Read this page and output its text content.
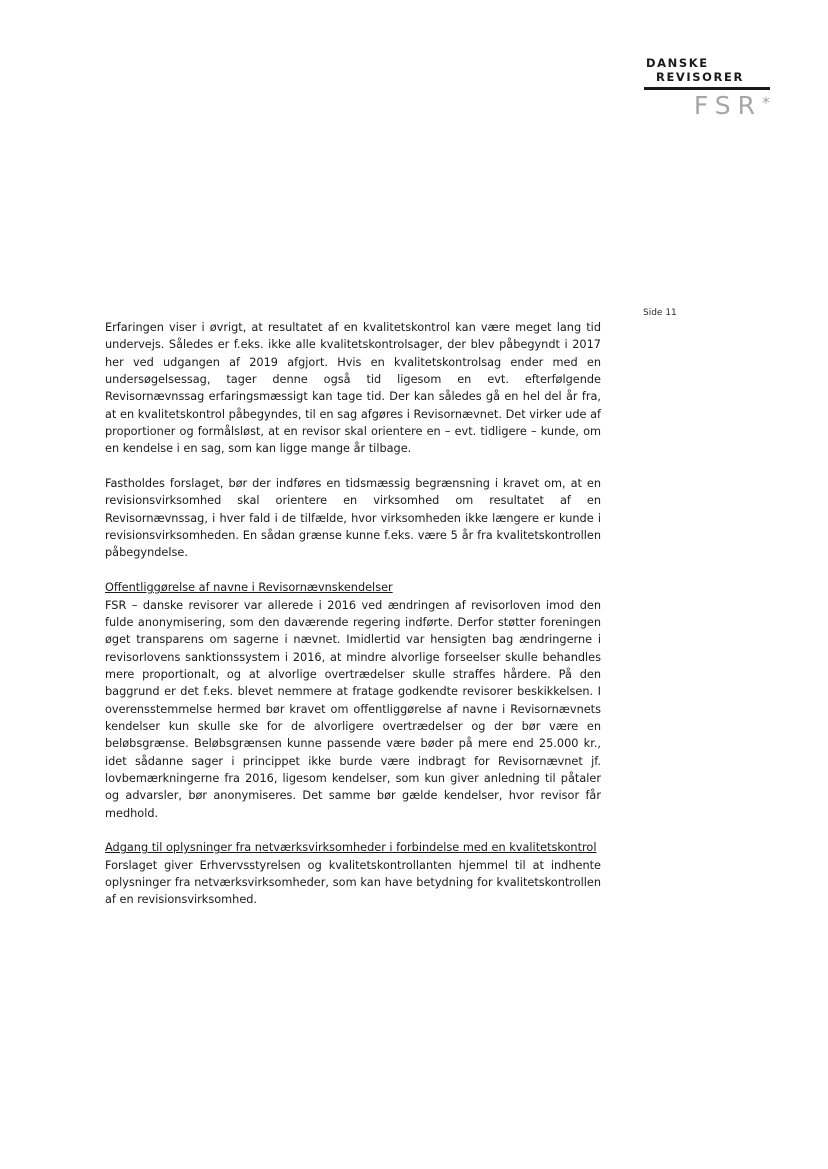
DANSKE
REVISORER
FSR*
Side 11

Erfaringen viser i øvrigt, at resultatet af en kvalitetskontrol kan være meget lang tid undervejs. Således er f.eks. ikke alle kvalitetskontrolsager, der blev påbegyndt i 2017 her ved udgangen af 2019 afgjort. Hvis en kvalitetskontrolsag ender med en undersøgelsessag, tager denne også tid ligesom en evt. efterfølgende Revisornævnssag erfaringsmæssigt kan tage tid. Der kan således gå en hel del år fra, at en kvalitetskontrol påbegyndes, til en sag afgøres i Revisornævnet. Det virker ude af proportioner og formålsløst, at en revisor skal orientere en – evt. tidligere – kunde, om en kendelse i en sag, som kan ligge mange år tilbage.

Fastholdes forslaget, bør der indføres en tidsmæssig begrænsning i kravet om, at en revisionsvirksomhed skal orientere en virksomhed om resultatet af en Revisornævnssag, i hver fald i de tilfælde, hvor virksomheden ikke længere er kunde i revisionsvirksomheden. En sådan grænse kunne f.eks. være 5 år fra kvalitetskontrollen påbegyndelse.

Offentliggørelse af navne i Revisornævnskendelser

FSR – danske revisorer var allerede i 2016 ved ændringen af revisorloven imod den fulde anonymisering, som den daværende regering indførte. Derfor støtter foreningen øget transparens om sagerne i nævnet. Imidlertid var hensigten bag ændringerne i revisorlovens sanktionssystem i 2016, at mindre alvorlige forseelser skulle behandles mere proportionalt, og at alvorlige overtrædelser skulle straffes hårdere. På den baggrund er det f.eks. blevet nemmere at fratage godkendte revisorer beskikkelsen. I overensstemmelse hermed bør kravet om offentliggørelse af navne i Revisornævnets kendelser kun skulle ske for de alvorligere overtrædelser og der bør være en beløbsgrænse. Beløbsgrænsen kunne passende være bøder på mere end 25.000 kr., idet sådanne sager i princippet ikke burde være indbragt for Revisornævnet jf. lovbemærkningerne fra 2016, ligesom kendelser, som kun giver anledning til påtaler og advarsler, bør anonymiseres. Det samme bør gælde kendelser, hvor revisor får medhold.

Adgang til oplysninger fra netværksvirksomheder i forbindelse med en kvalitetskontrol

Forslaget giver Erhvervsstyrelsen og kvalitetskontrollanten hjemmel til at indhente oplysninger fra netværksvirksomheder, som kan have betydning for kvalitetskontrollen af en revisionsvirksomhed.
